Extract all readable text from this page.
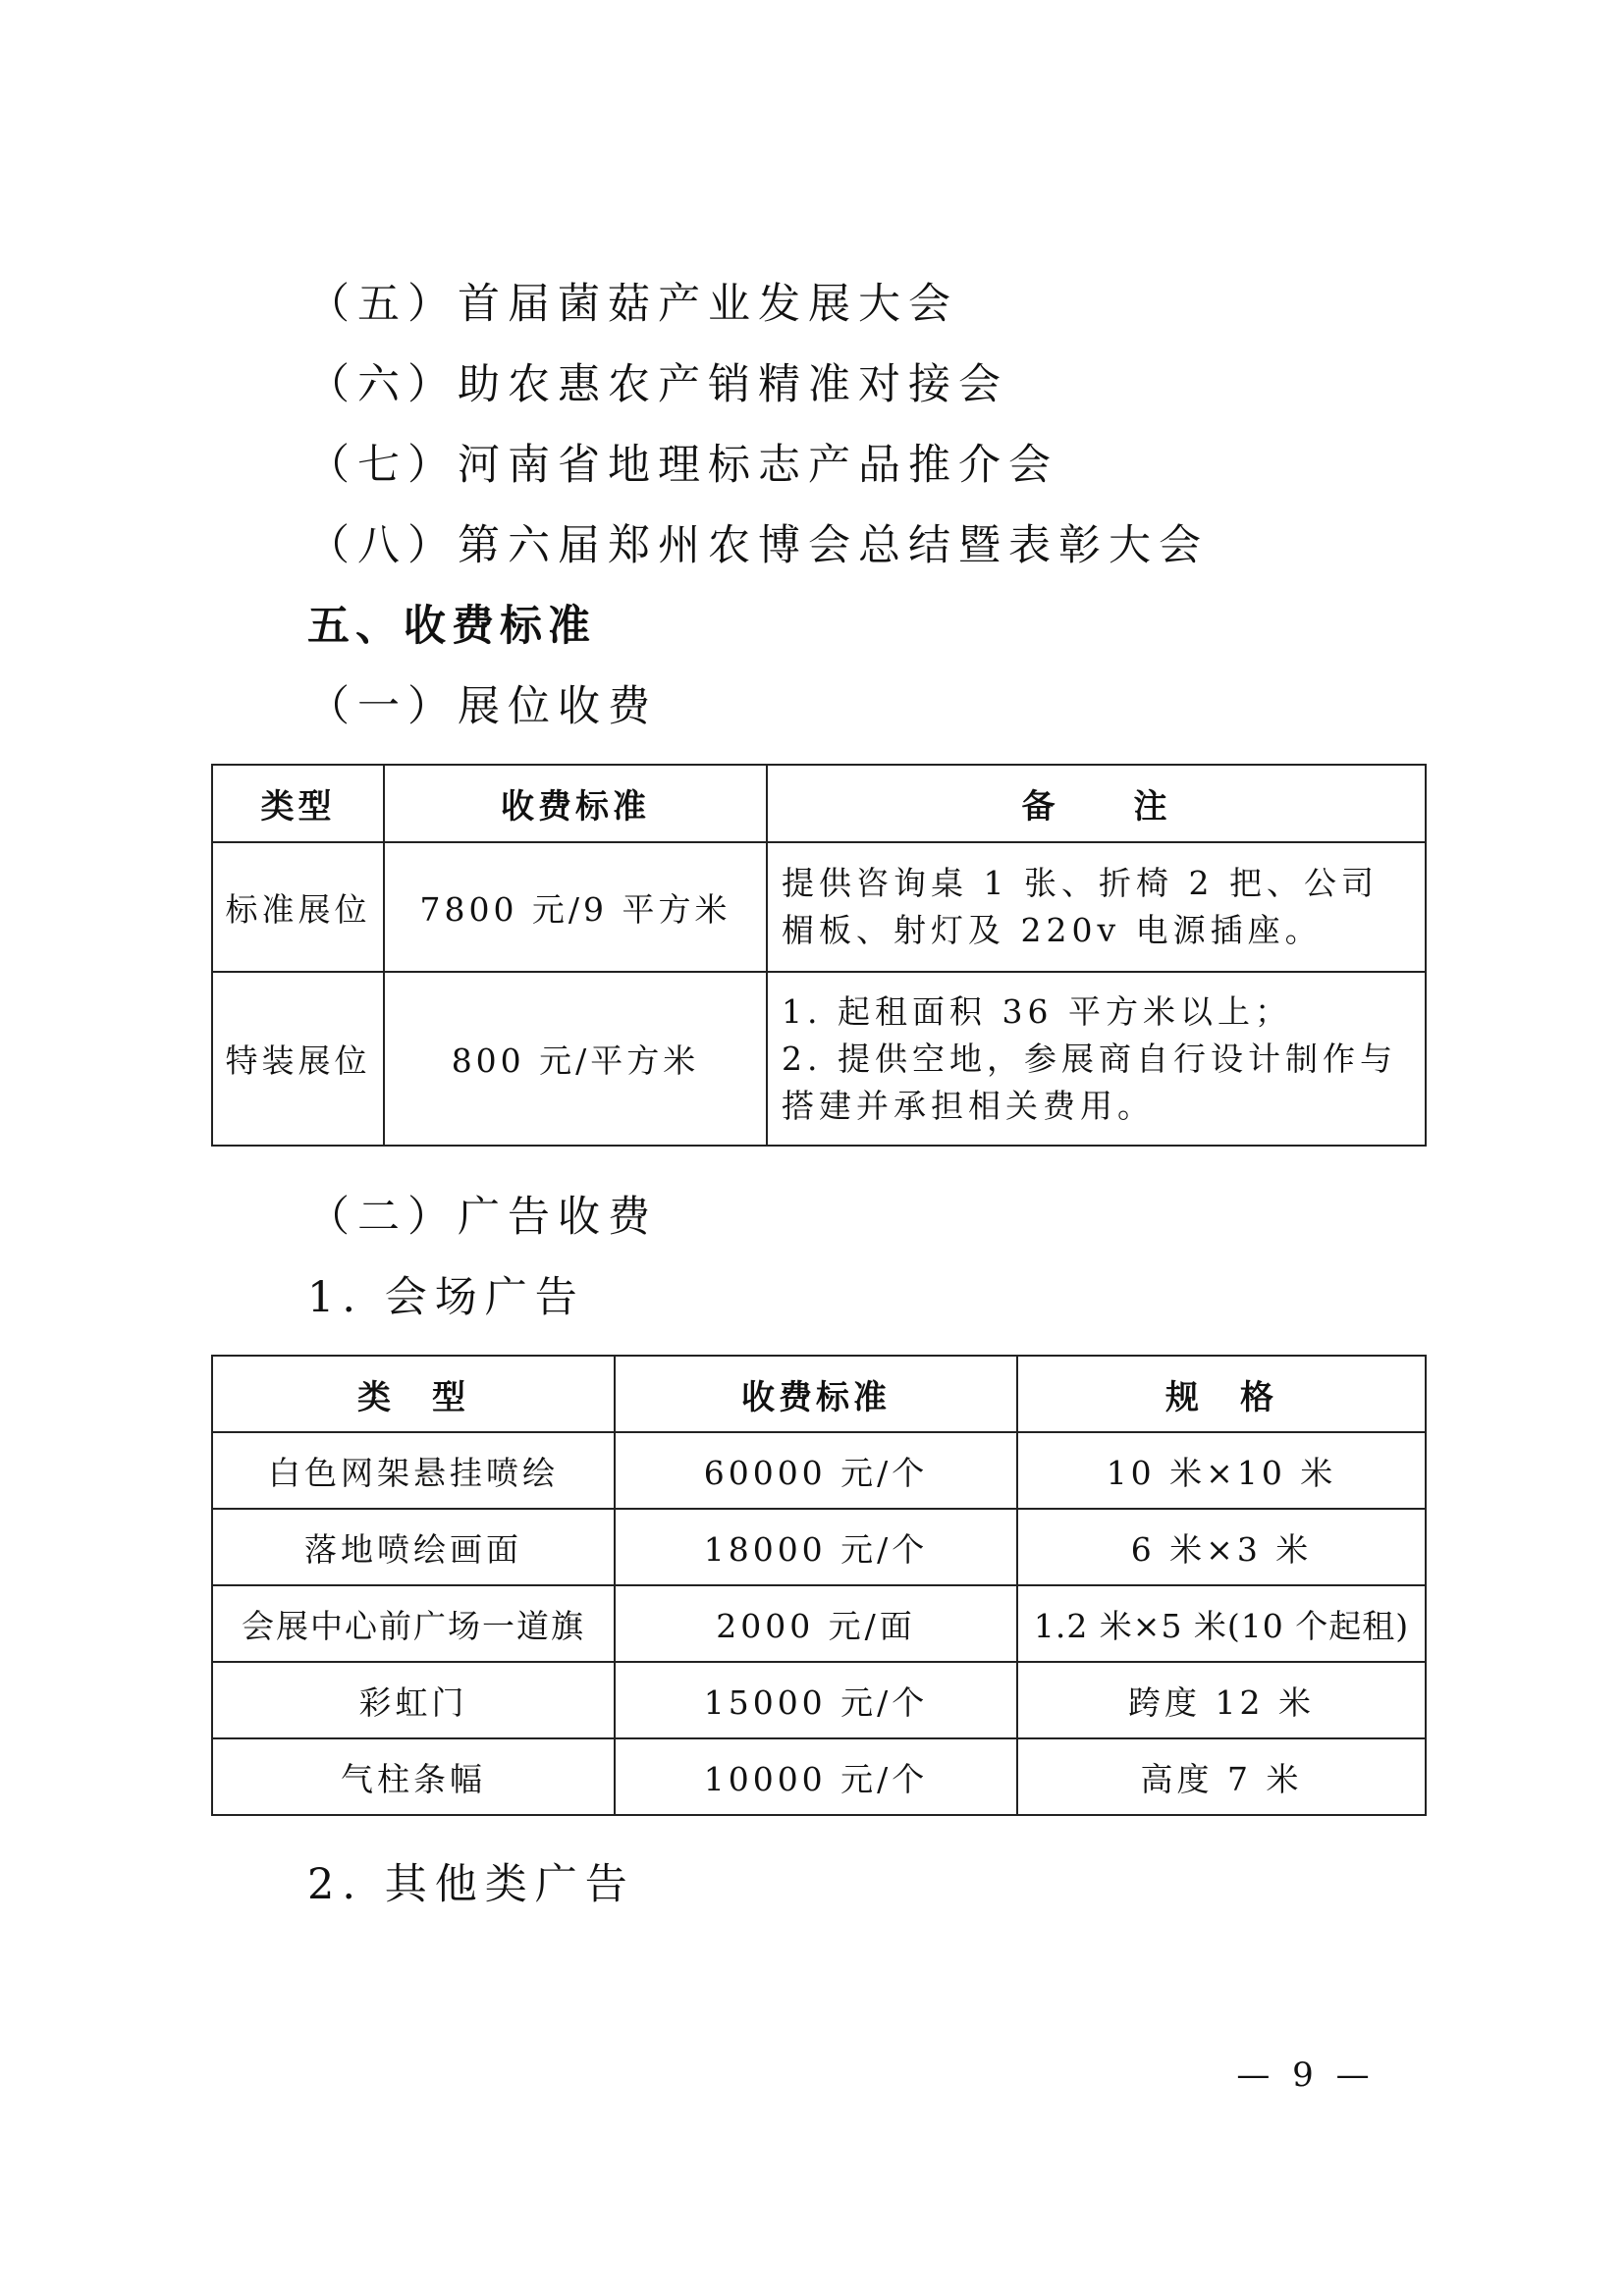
（五）首届菌菇产业发展大会
（六）助农惠农产销精准对接会
（七）河南省地理标志产品推介会
（八）第六届郑州农博会总结暨表彰大会
五、收费标准
（一）展位收费
类型	收费标准	备　　注
标准展位	7800 元/9 平方米	提供咨询桌 1 张、折椅 2 把、公司楣板、射灯及 220v 电源插座。

特装展位	800 元/平方米	1. 起租面积 36 平方米以上；
2. 提供空地，参展商自行设计制作与搭建并承担相关费用。
（二）广告收费
1. 会场广告
类　型	收费标准	规　格
白色网架悬挂喷绘	60000 元/个	10 米×10 米
落地喷绘画面	18000 元/个	6 米×3 米
会展中心前广场一道旗	2000 元/面	1.2 米×5 米(10 个起租)
彩虹门	15000 元/个	跨度 12 米
气柱条幅	10000 元/个	高度 7 米
2. 其他类广告
— 9 —
